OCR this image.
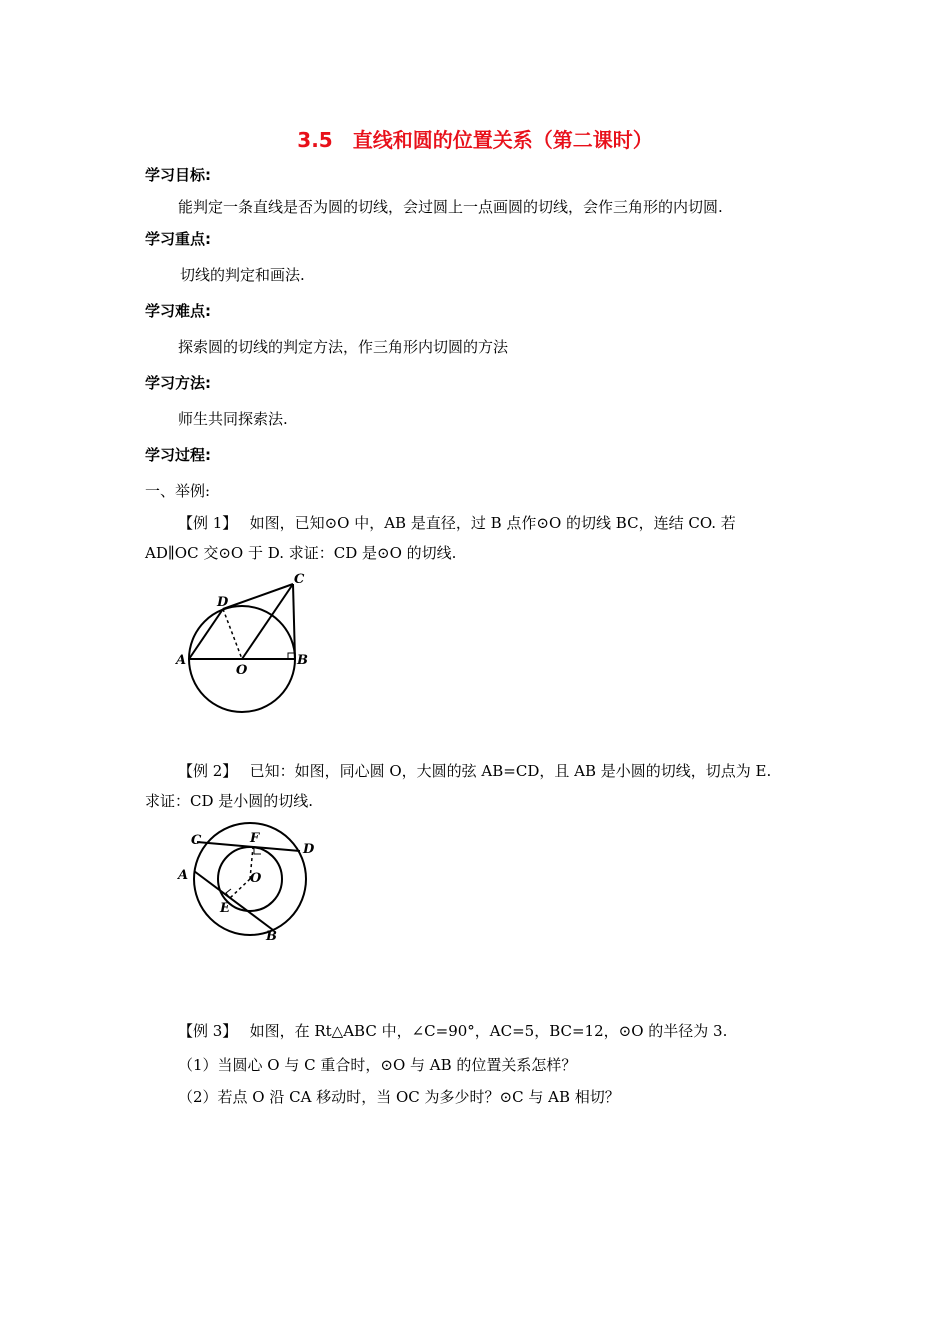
3.5　直线和圆的位置关系（第二课时）
学习目标:
能判定一条直线是否为圆的切线，会过圆上一点画圆的切线，会作三角形的内切圆.
学习重点:
切线的判定和画法.
学习难点:
探索圆的切线的判定方法，作三角形内切圆的方法
学习方法:
师生共同探索法.
学习过程:
一、举例:
【例 1】　 如图，已知⊙O 中，AB 是直径，过 B 点作⊙O 的切线 BC，连结 CO. 若
AD∥OC 交⊙O 于 D. 求证：CD 是⊙O 的切线.
A	B
C
D
O
【例 2】　 已知：如图，同心圆 O，大圆的弦 AB=CD，且 AB 是小圆的切线，切点为 E.
求证：CD 是小圆的切线.
C
D
A
B
E
F
O
【例 3】　 如图，在 Rt△ABC 中，∠C=90°，AC=5，BC=12，⊙O 的半径为 3.
（1）当圆心 O 与 C 重合时，⊙O 与 AB 的位置关系怎样？
（2）若点 O 沿 CA 移动时，当 OC 为多少时？⊙C 与 AB 相切？
